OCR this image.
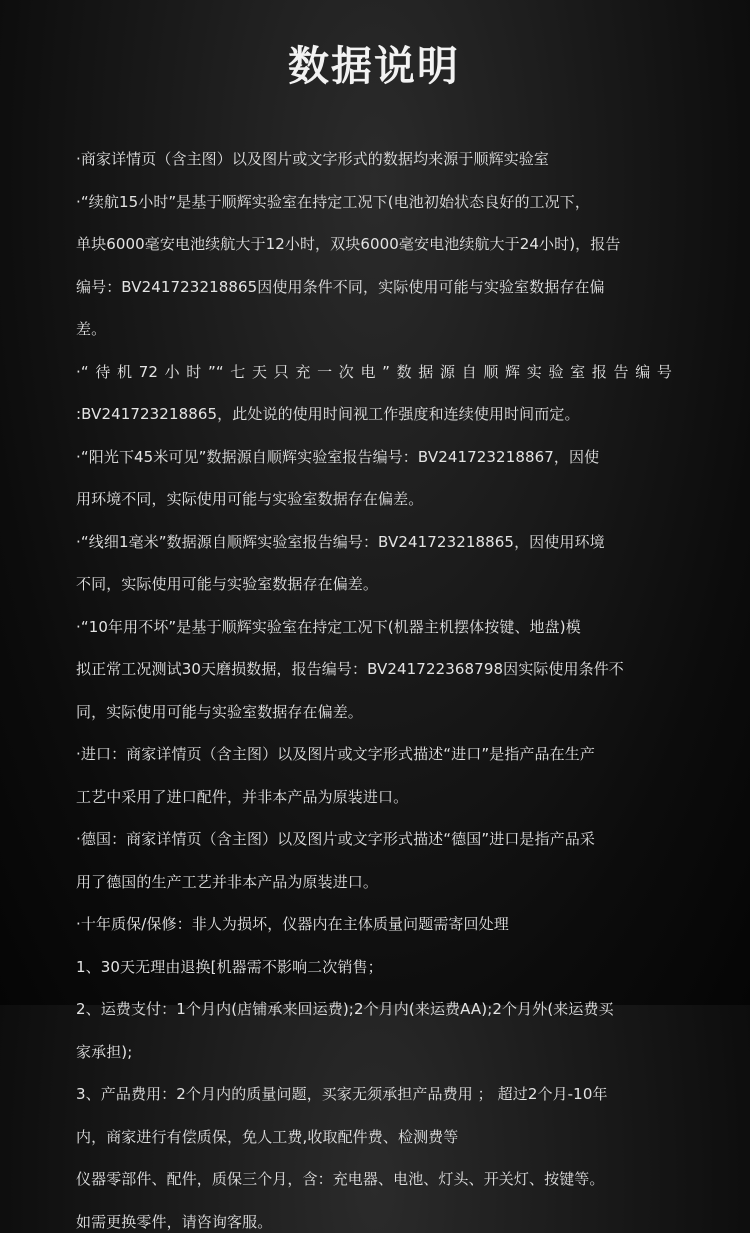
数据说明
·商家详情页（含主图）以及图片或文字形式的数据均来源于顺辉实验室
·“续航15小时”是基于顺辉实验室在持定工况下(电池初始状态良好的工况下，
单块6000毫安电池续航大于12小时，双块6000毫安电池续航大于24小时)，报告
编号：BV241723218865因使用条件不同，实际使用可能与实验室数据存在偏
差。
·“待机72小时”“七天只充一次电”数据源自顺辉实验室报告编号
:BV241723218865，此处说的使用时间视工作强度和连续使用时间而定。
·“阳光下45米可见”数据源自顺辉实验室报告编号：BV241723218867，因使
用环境不同，实际使用可能与实验室数据存在偏差。
·“线细1毫米”数据源自顺辉实验室报告编号：BV241723218865，因使用环境
不同，实际使用可能与实验室数据存在偏差。
·“10年用不坏”是基于顺辉实验室在持定工况下(机器主机摆体按键、地盘)模
拟正常工况测试30天磨损数据，报告编号：BV241722368798因实际使用条件不
同，实际使用可能与实验室数据存在偏差。
·进口：商家详情页（含主图）以及图片或文字形式描述“进口”是指产品在生产
工艺中采用了进口配件，并非本产品为原装进口。
·德国：商家详情页（含主图）以及图片或文字形式描述“德国”进口是指产品采
用了德国的生产工艺并非本产品为原装进口。
·十年质保/保修：非人为损坏，仪器内在主体质量问题需寄回处理
1、30天无理由退换[机器需不影响二次销售；
2、运费支付：1个月内(店铺承来回运费);2个月内(来运费AA);2个月外(来运费买
家承担);
3、产品费用：2个月内的质量问题，买家无须承担产品费用 ； 超过2个月-10年
内，商家进行有偿质保，免人工费,收取配件费、检测费等
仪器零部件、配件，质保三个月，含：充电器、电池、灯头、开关灯、按键等。
如需更换零件，请咨询客服。
